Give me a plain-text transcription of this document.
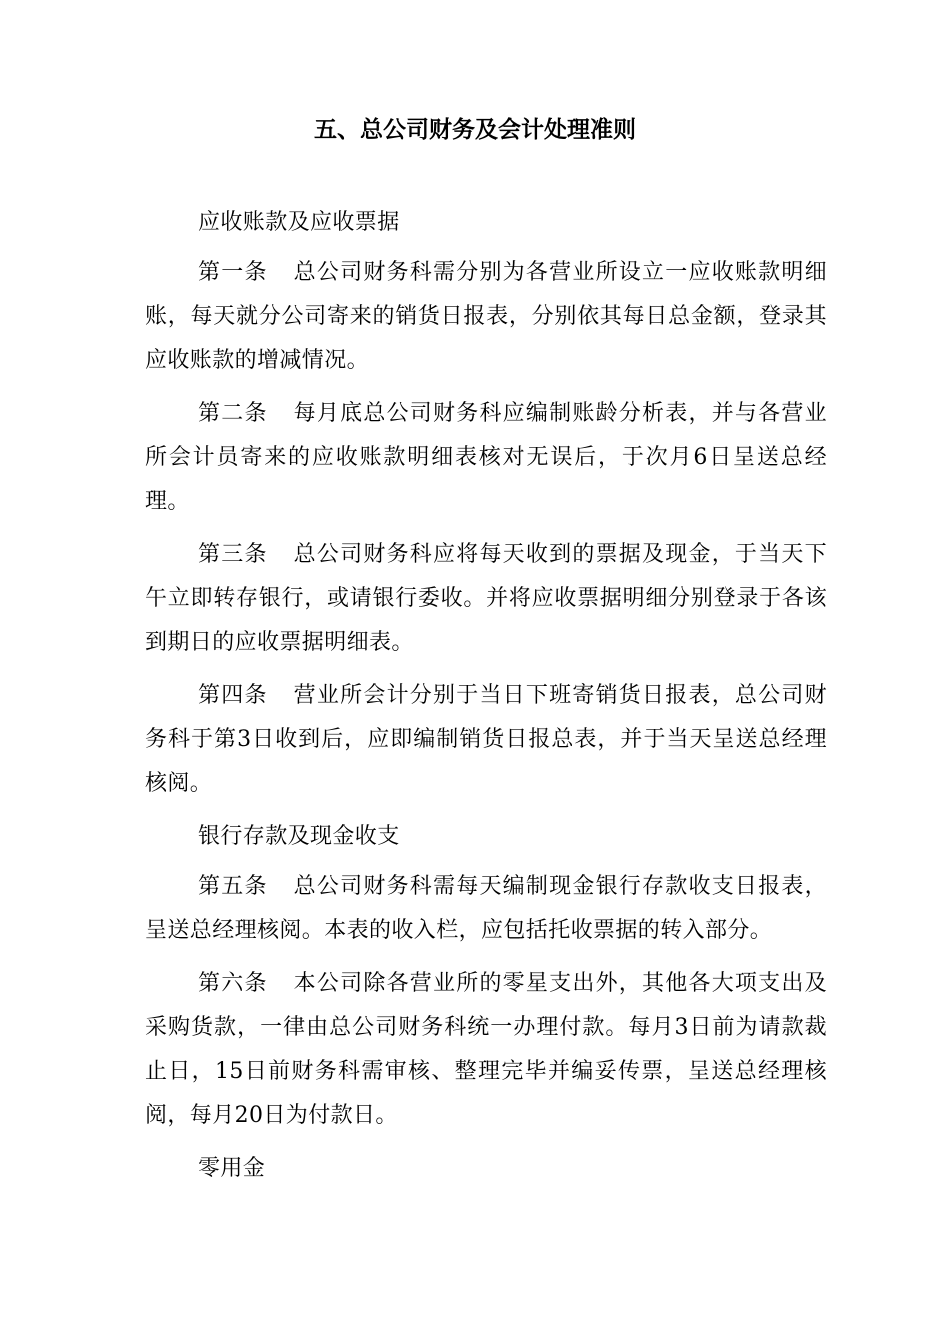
五、总公司财务及会计处理准则

应收账款及应收票据

第一条 总公司财务科需分别为各营业所设立一应收账款明细账，每天就分公司寄来的销货日报表，分别依其每日总金额，登录其应收账款的增减情况。

第二条 每月底总公司财务科应编制账龄分析表，并与各营业所会计员寄来的应收账款明细表核对无误后，于次月6日呈送总经理。

第三条 总公司财务科应将每天收到的票据及现金，于当天下午立即转存银行，或请银行委收。并将应收票据明细分别登录于各该到期日的应收票据明细表。

第四条 营业所会计分别于当日下班寄销货日报表，总公司财务科于第3日收到后，应即编制销货日报总表，并于当天呈送总经理核阅。

银行存款及现金收支

第五条 总公司财务科需每天编制现金银行存款收支日报表，呈送总经理核阅。本表的收入栏，应包括托收票据的转入部分。

第六条 本公司除各营业所的零星支出外，其他各大项支出及采购货款，一律由总公司财务科统一办理付款。每月3日前为请款裁止日，15日前财务科需审核、整理完毕并编妥传票，呈送总经理核阅，每月20日为付款日。

零用金
